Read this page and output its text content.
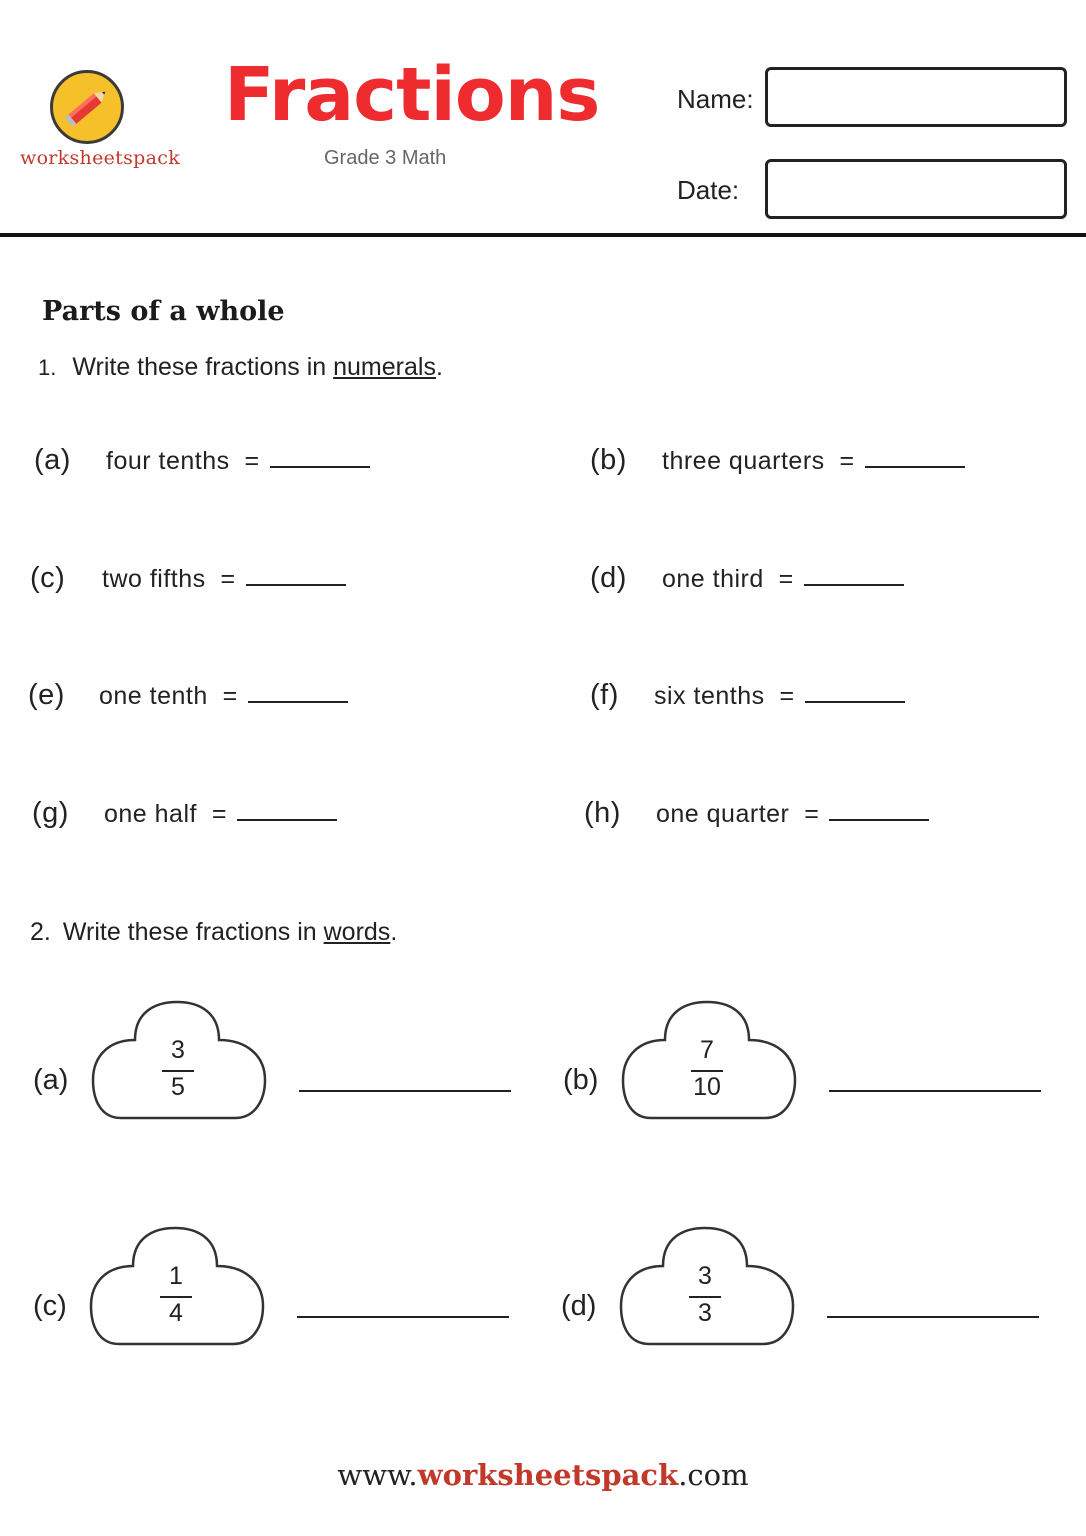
worksheetspack
Fractions
Grade 3 Math
Name:
Date:
Parts of a whole
1. Write these fractions in numerals.
(a) four tenths  =	(b) three quarters  =
(c) two fifths  =	(d) one third  =
(e) one tenth  =	(f) six tenths  =
(g) one half  =	(h) one quarter  =
2. Write these fractions in words.
(a)
3
5	(b)
7
10
(c)
1
4	(d)
3
3
www.worksheetspack.com
